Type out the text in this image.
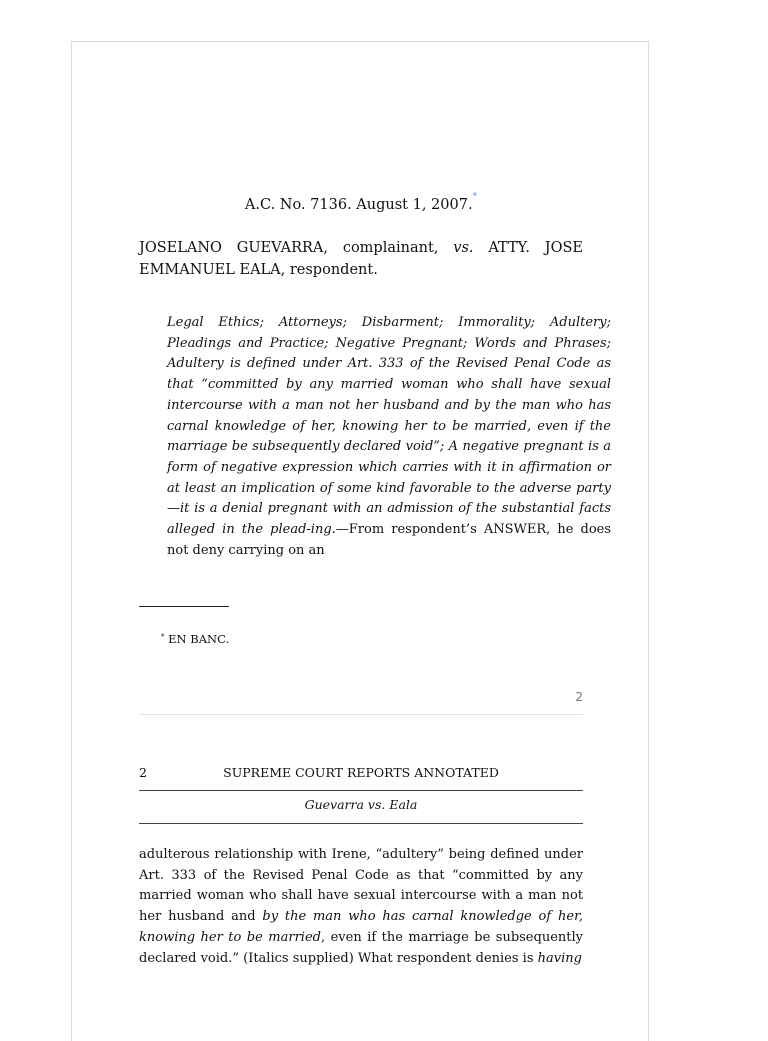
A.C. No. 7136. August 1, 2007.*
JOSELANO GUEVARRA, complainant, vs. ATTY. JOSE EMMANUEL EALA, respondent.
Legal Ethics; Attorneys; Disbarment; Immorality; Adultery; Pleadings and Practice; Negative Pregnant; Words and Phrases; Adultery is defined under Art. 333 of the Revised Penal Code as that “committed by any married woman who shall have sexual intercourse with a man not her husband and by the man who has carnal knowledge of her, knowing her to be married, even if the marriage be subsequently declared void”; A negative pregnant is a form of negative expression which carries with it in affirmation or at least an implication of some kind favorable to the adverse party—it is a denial pregnant with an admission of the substantial facts alleged in the plead-ing.—From respondent’s ANSWER, he does not deny carrying on an
* EN BANC.
2
2	SUPREME COURT REPORTS ANNOTATED
Guevarra vs. Eala
adulterous relationship with Irene, “adultery” being defined under Art. 333 of the Revised Penal Code as that “committed by any married woman who shall have sexual intercourse with a man not her husband and by the man who has carnal knowledge of her, knowing her to be married, even if the marriage be subsequently declared void.” (Italics supplied) What respondent denies is having
